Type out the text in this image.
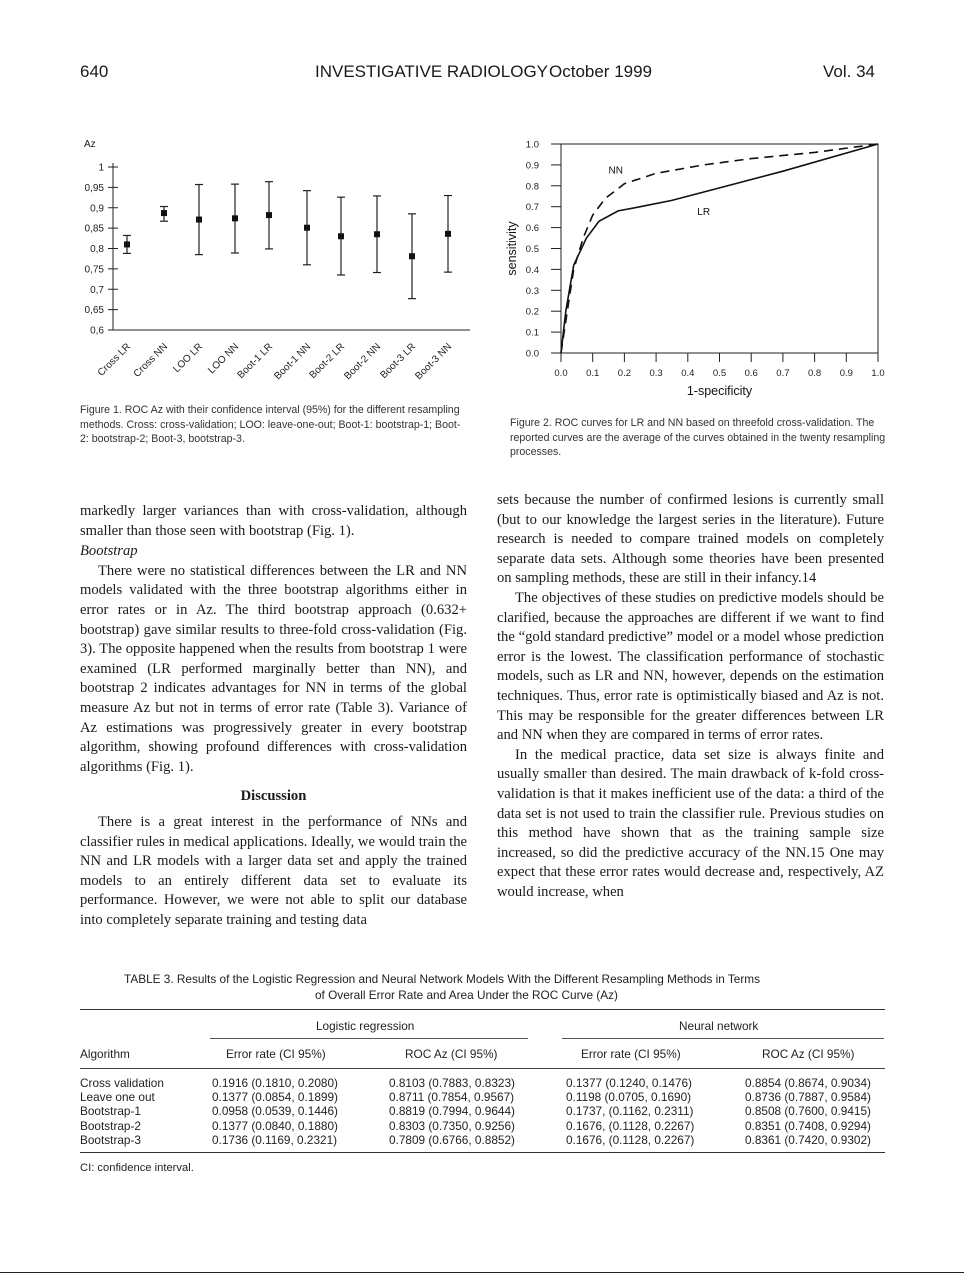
640	INVESTIGATIVE RADIOLOGY October 1999	Vol. 34
Az
1
0,95
0,9
0,85
0,8
0,75
0,7
0,65
0,6
Cross LR
Cross NN LOO LR LOO NN
Boot-1 LR
Boot-1 NN
Boot-2 LR
Boot-2 NN
Boot-3 LR
Boot-3 NN
Figure 1. ROC Az with their confidence interval (95%) for the different resampling methods. Cross: cross-validation; LOO: leave-one-out; Boot-1: bootstrap-1; Boot-2: bootstrap-2; Boot-3, bootstrap-3.
1.0
0.9
0.8
0.7
0.6
0.5
0.4
0.3
0.2
0.1
0.0
0.0 0.1 0.2 0.3 0.4 0.5 0.6 0.7 0.8 0.9 1.0
1-specificity
sensitivity
NN
LR
Figure 2. ROC curves for LR and NN based on threefold cross-validation. The reported curves are the average of the curves obtained in the twenty resampling processes.

markedly larger variances than with cross-validation, although smaller than those seen with bootstrap (Fig. 1).

Bootstrap

There were no statistical differences between the LR and NN models validated with the three bootstrap algorithms either in error rates or in Az. The third bootstrap approach (0.632+ bootstrap) gave similar results to three-fold cross-validation (Fig. 3). The opposite happened when the results from bootstrap 1 were examined (LR performed marginally better than NN), and bootstrap 2 indicates advantages for NN in terms of the global measure Az but not in terms of error rate (Table 3). Variance of Az estimations was progressively greater in every bootstrap algorithm, showing profound differences with cross-validation algorithms (Fig. 1).

Discussion

There is a great interest in the performance of NNs and classifier rules in medical applications. Ideally, we would train the NN and LR models with a larger data set and apply the trained models to an entirely different data set to evaluate its performance. However, we were not able to split our database into completely separate training and testing data

sets because the number of confirmed lesions is currently small (but to our knowledge the largest series in the literature). Future research is needed to compare trained models on completely separate data sets. Although some theories have been presented on sampling methods, these are still in their infancy.14

The objectives of these studies on predictive models should be clarified, because the approaches are different if we want to find the “gold standard predictive” model or a model whose prediction error is the lowest. The classification performance of stochastic models, such as LR and NN, however, depends on the estimation techniques. Thus, error rate is optimistically biased and Az is not. This may be responsible for the greater differences between LR and NN when they are compared in terms of error rates.

In the medical practice, data set size is always finite and usually smaller than desired. The main drawback of k-fold cross-validation is that it makes inefficient use of the data: a third of the data set is not used to train the classifier rule. Previous studies on this method have shown that as the training sample size increased, so did the predictive accuracy of the NN.15 One may expect that these error rates would decrease and, respectively, AZ would increase, when

TABLE 3. Results of the Logistic Regression and Neural Network Models With the Different Resampling Methods in Terms
of Overall Error Rate and Area Under the ROC Curve (Az)
Logistic regression	Neural network
Algorithm	Error rate (CI 95%)	ROC Az (CI 95%)	Error rate (CI 95%)	ROC Az (CI 95%)
Cross validation	0.1916 (0.1810, 0.2080)	0.8103 (0.7883, 0.8323)	0.1377 (0.1240, 0.1476)	0.8854 (0.8674, 0.9034)
Leave one out	0.1377 (0.0854, 0.1899)	0.8711 (0.7854, 0.9567)	0.1198 (0.0705, 0.1690)	0.8736 (0.7887, 0.9584)
Bootstrap-1	0.0958 (0.0539, 0.1446)	0.8819 (0.7994, 0.9644)	0.1737, (0.1162, 0.2311)	0.8508 (0.7600, 0.9415)
Bootstrap-2	0.1377 (0.0840, 0.1880)	0.8303 (0.7350, 0.9256)	0.1676, (0.1128, 0.2267)	0.8351 (0.7408, 0.9294)
Bootstrap-3	0.1736 (0.1169, 0.2321)	0.7809 (0.6766, 0.8852)	0.1676, (0.1128, 0.2267)	0.8361 (0.7420, 0.9302)
CI: confidence interval.
